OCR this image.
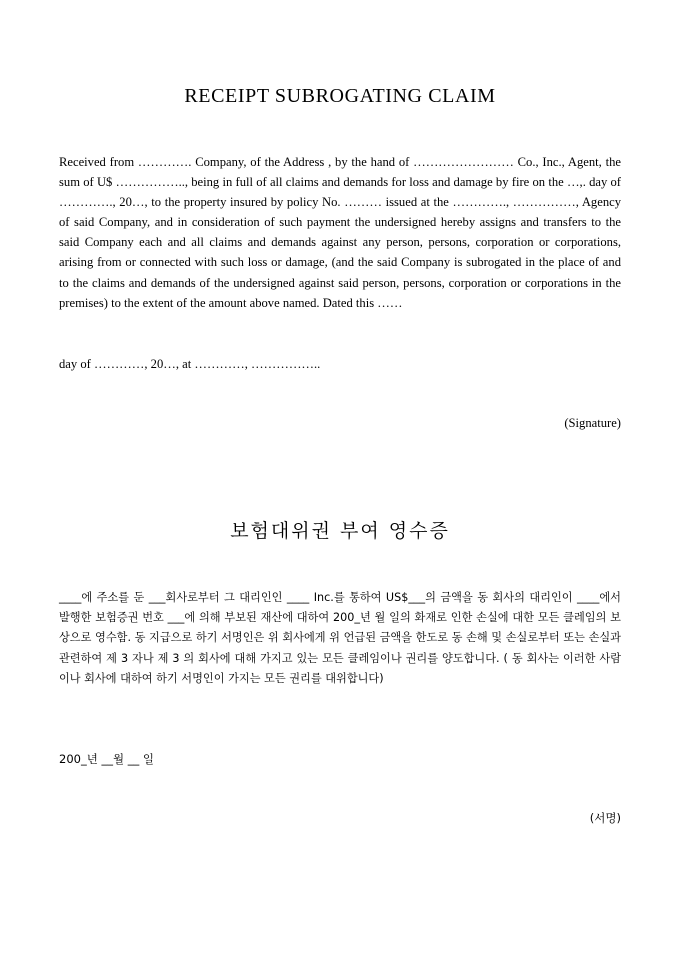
RECEIPT SUBROGATING CLAIM

Received from …………. Company, of the Address , by the hand of …………………… Co., Inc., Agent, the sum of U$ …………….., being in full of all claims and demands for loss and damage by fire on the …,. day of …………., 20…, to the property insured by policy No. ……… issued at the …………., ……………, Agency of said Company, and in consideration of such payment the undersigned hereby assigns and transfers to the said Company each and all claims and demands against any person, persons, corporation or corporations, arising from or connected with such loss or damage, (and the said Company is subrogated in the place of and to the claims and demands of the undersigned against said person, persons, corporation or corporations in the premises) to the extent of the amount above named. Dated this ……

day of …………, 20…, at …………, ……………..

(Signature)

보험대위권 부여 영수증

____에 주소를 둔 ___회사로부터 그 대리인인 ____ Inc.를 통하여 US$___의 금액을 동 회사의 대리인이 ____에서 발행한 보험증권 번호 ___에 의해 부보된 재산에 대하여 200_년 월 일의 화재로 인한 손실에 대한 모든 클레임의 보상으로 영수함. 동 지급으로 하기 서명인은 위 회사에게 위 언급된 금액을 한도로 동 손해 및 손실로부터 또는 손실과 관련하여 제 3 자나 제 3 의 회사에 대해 가지고 있는 모든 클레임이나 권리를 양도합니다. ( 동 회사는 이러한 사람이나 회사에 대하여 하기 서명인이 가지는 모든 권리를 대위합니다)

200_년 __월 __ 일

(서명)
